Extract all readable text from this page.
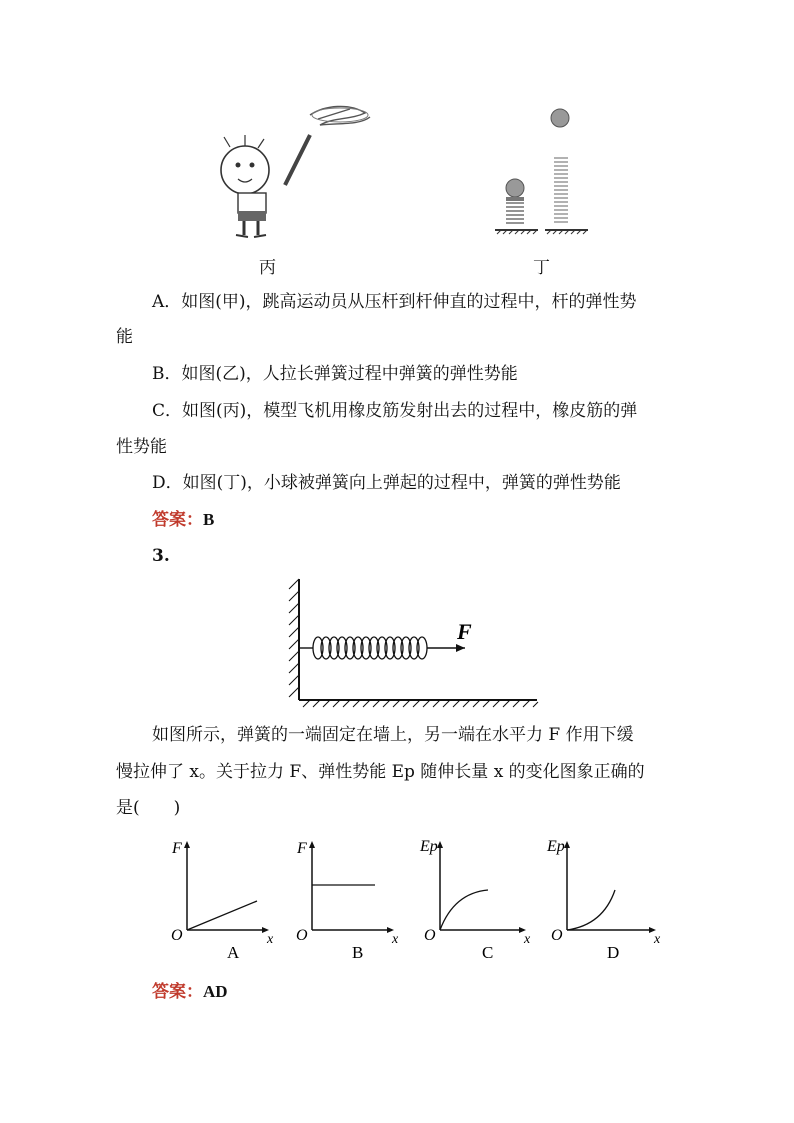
丙	丁
A．如图(甲)，跳高运动员从压杆到杆伸直的过程中，杆的弹性势
能
B．如图(乙)，人拉长弹簧过程中弹簧的弹性势能
C．如图(丙)，模型飞机用橡皮筋发射出去的过程中，橡皮筋的弹
性势能
D．如图(丁)，小球被弹簧向上弹起的过程中，弹簧的弹性势能
答案：B
3.
F
如图所示，弹簧的一端固定在墙上，另一端在水平力 F 作用下缓
慢拉伸了 x。关于拉力 F、弹性势能 Ep 随伸长量 x 的变化图象正确的
是(　　)
F
O	x
A
F
O	x
B
Ep
O	x
C
Ep
O	x
D
答案：AD
